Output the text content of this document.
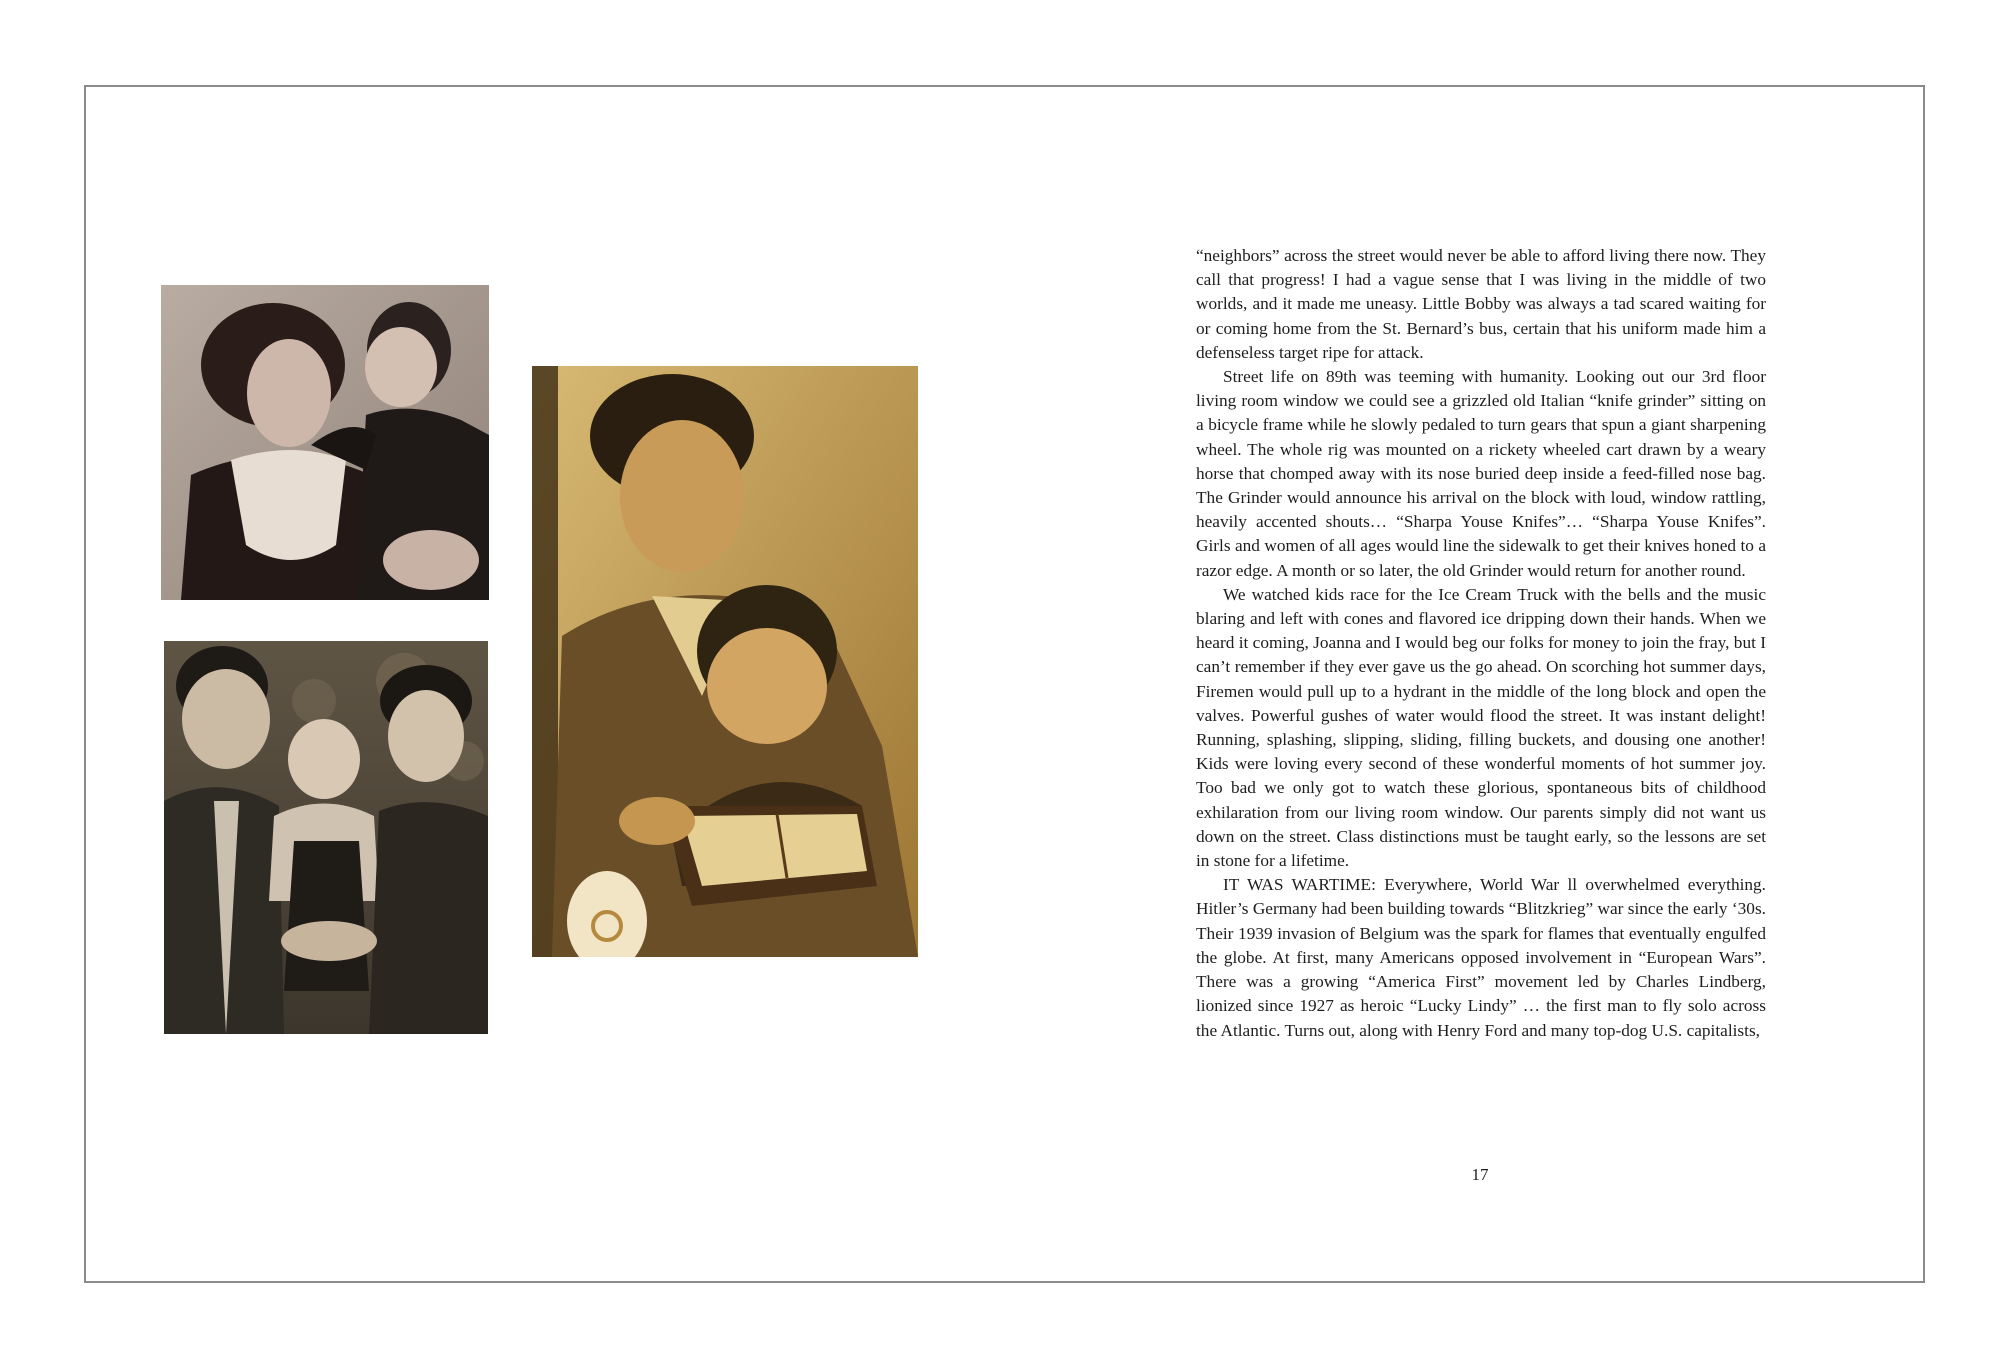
“neighbors” across the street would never be able to afford living there now. They call that progress! I had a vague sense that I was living in the middle of two worlds, and it made me uneasy. Little Bobby was always a tad scared waiting for or coming home from the St. Bernard’s bus, certain that his uniform made him a defenseless target ripe for attack.

Street life on 89th was teeming with humanity. Looking out our 3rd floor living room window we could see a grizzled old Italian “knife grinder” sitting on a bicycle frame while he slowly pedaled to turn gears that spun a giant sharpening wheel. The whole rig was mounted on a rickety wheeled cart drawn by a weary horse that chomped away with its nose buried deep inside a feed-filled nose bag. The Grinder would announce his arrival on the block with loud, window rattling, heavily accented shouts… “Sharpa Youse Knifes”… “Sharpa Youse Knifes”. Girls and women of all ages would line the sidewalk to get their knives honed to a razor edge. A month or so later, the old Grinder would return for another round.

We watched kids race for the Ice Cream Truck with the bells and the music blaring and left with cones and flavored ice dripping down their hands. When we heard it coming, Joanna and I would beg our folks for money to join the fray, but I can’t remember if they ever gave us the go ahead. On scorching hot summer days, Firemen would pull up to a hydrant in the middle of the long block and open the valves. Powerful gushes of water would flood the street. It was instant delight! Running, splashing, slipping, sliding, filling buckets, and dousing one another! Kids were loving every second of these wonderful moments of hot summer joy. Too bad we only got to watch these glorious, spontaneous bits of childhood exhilaration from our living room window. Our parents simply did not want us down on the street. Class distinctions must be taught early, so the lessons are set in stone for a lifetime.

IT WAS WARTIME: Everywhere, World War ll overwhelmed everything. Hitler’s Germany had been building towards “Blitzkrieg” war since the early ‘30s. Their 1939 invasion of Belgium was the spark for flames that eventually engulfed the globe. At first, many Americans opposed involvement in “European Wars”. There was a growing “America First” movement led by Charles Lindberg, lionized since 1927 as heroic “Lucky Lindy” … the first man to fly solo across the Atlantic. Turns out, along with Henry Ford and many top-dog U.S. capitalists,

17
